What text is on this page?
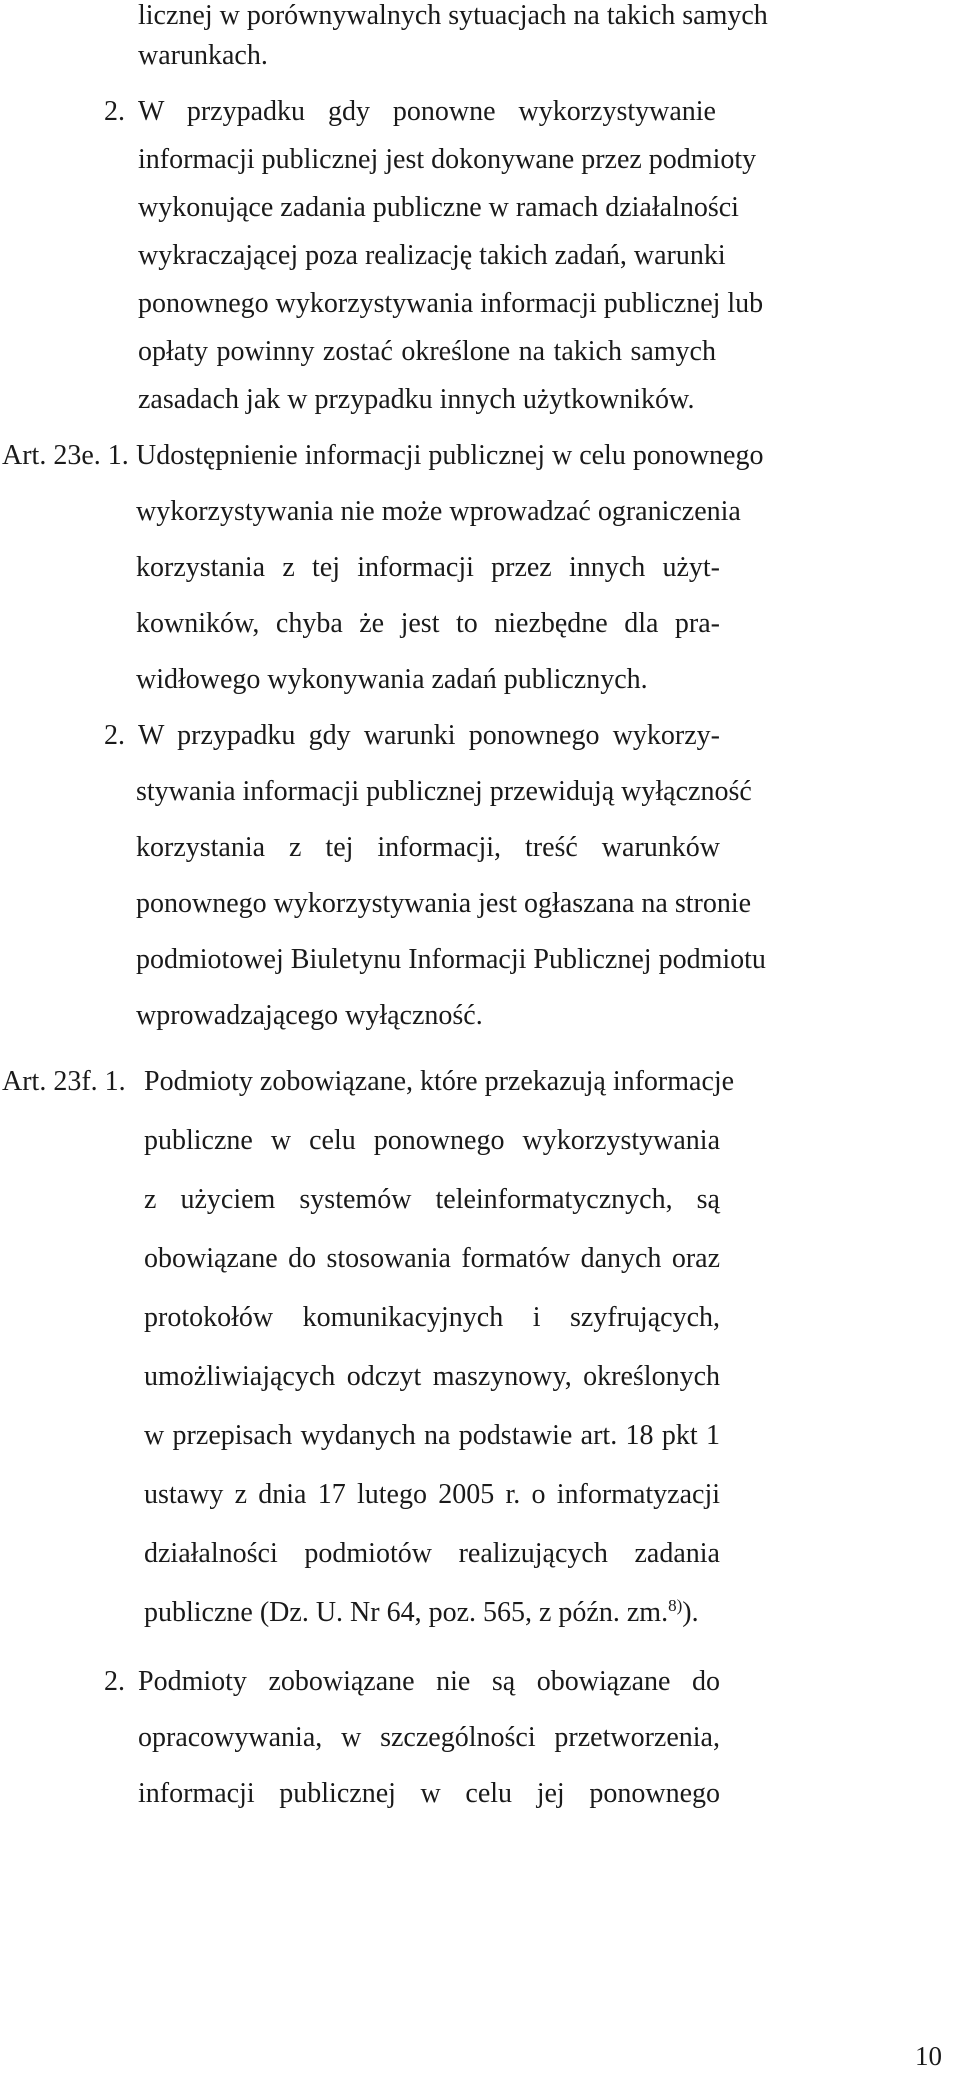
licznej w porównywalnych sytuacjach na takich samych
warunkach.
2. W przypadku gdy ponowne wykorzystywanie
informacji publicznej jest dokonywane przez podmioty
wykonujące zadania publiczne w ramach działalności
wykraczającej poza realizację takich zadań, warunki
ponownego wykorzystywania informacji publicznej lub
opłaty powinny zostać określone na takich samych
zasadach jak w przypadku innych użytkowników.
Art. 23e. 1. Udostępnienie informacji publicznej w celu ponownego
wykorzystywania nie może wprowadzać ograniczenia
korzystania z tej informacji przez innych użyt-
kowników, chyba że jest to niezbędne dla pra-
widłowego wykonywania zadań publicznych.
2. W przypadku gdy warunki ponownego wykorzy-
stywania informacji publicznej przewidują wyłączność
korzystania z tej informacji, treść warunków
ponownego wykorzystywania jest ogłaszana na stronie
podmiotowej Biuletynu Informacji Publicznej podmiotu
wprowadzającego wyłączność.
Art. 23f. 1. Podmioty zobowiązane, które przekazują informacje
publiczne w celu ponownego wykorzystywania
z użyciem systemów teleinformatycznych, są
obowiązane do stosowania formatów danych oraz
protokołów komunikacyjnych i szyfrujących,
umożliwiających odczyt maszynowy, określonych
w przepisach wydanych na podstawie art. 18 pkt 1
ustawy z dnia 17 lutego 2005 r. o informatyzacji
działalności podmiotów realizujących zadania
publiczne (Dz. U. Nr 64, poz. 565, z późn. zm.$^{8)}$).
2. Podmioty zobowiązane nie są obowiązane do
opracowywania, w szczególności przetworzenia,
informacji publicznej w celu jej ponownego
10
